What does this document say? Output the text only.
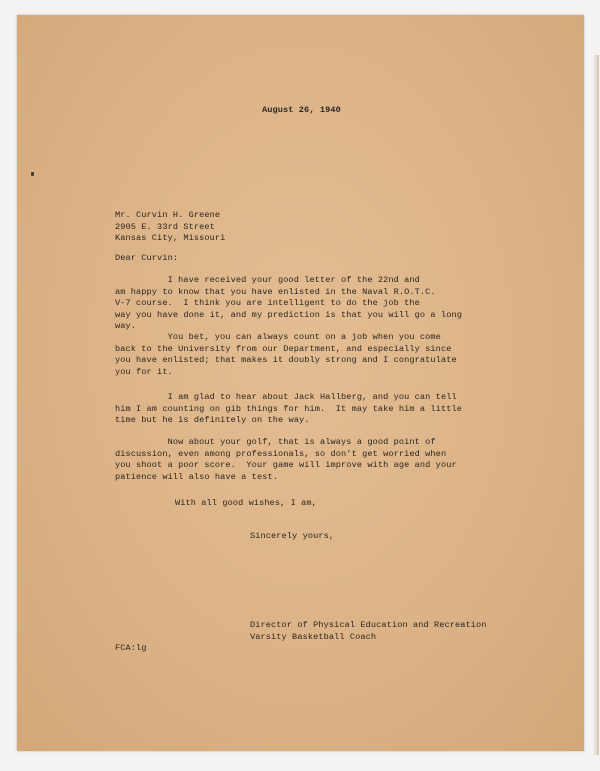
August 26, 1940

Mr. Curvin H. Greene
2905 E. 33rd Street
Kansas City, Missouri

Dear Curvin:

I have received your good letter of the 22nd and
am happy to know that you have enlisted in the Naval R.O.T.C.
V-7 course.  I think you are intelligent to do the job the
way you have done it, and my prediction is that you will go a long
way.
You bet, you can always count on a job when you come
back to the University from our Department, and especially since
you have enlisted; that makes it doubly strong and I congratulate
you for it.
I am glad to hear about Jack Hallberg, and you can tell
him I am counting on gib things for him.  It may take him a little
time but he is definitely on the way.
Now about your golf, that is always a good point of
discussion, even among professionals, so don't get worried when
you shoot a poor score.  Your game will improve with age and your
patience will also have a test.

With all good wishes, I am,

Sincerely yours,

Director of Physical Education and Recreation
Varsity Basketball Coach

FCA:lg
